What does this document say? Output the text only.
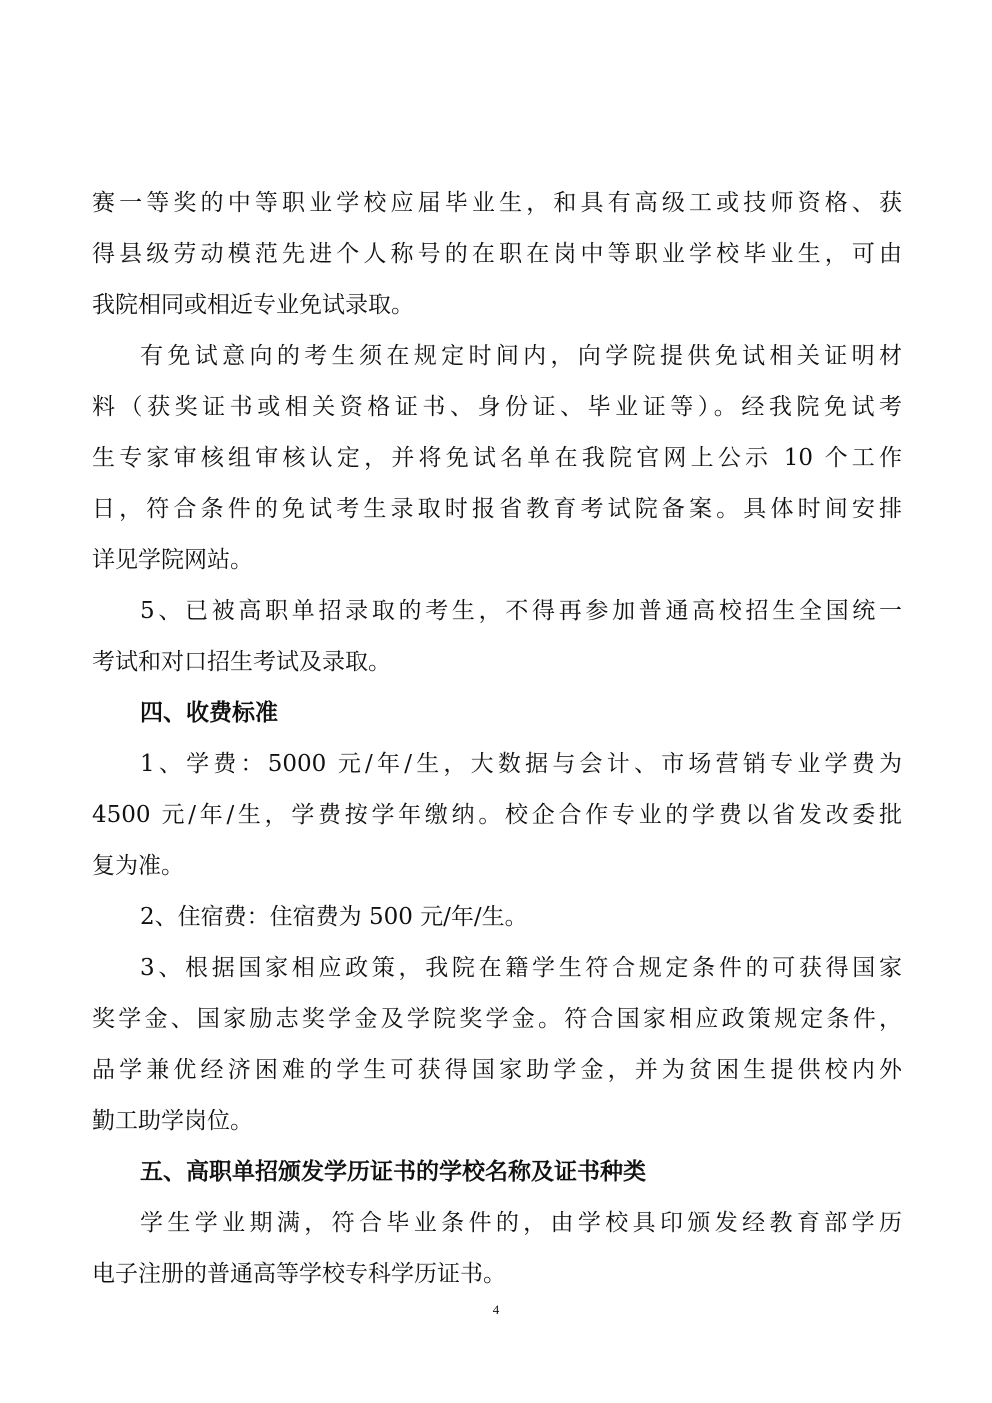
赛一等奖的中等职业学校应届毕业生，和具有高级工或技师资格、获
得县级劳动模范先进个人称号的在职在岗中等职业学校毕业生，可由
我院相同或相近专业免试录取。
有免试意向的考生须在规定时间内，向学院提供免试相关证明材
料（获奖证书或相关资格证书、身份证、毕业证等）。经我院免试考
生专家审核组审核认定，并将免试名单在我院官网上公示 10 个工作
日，符合条件的免试考生录取时报省教育考试院备案。具体时间安排
详见学院网站。
5、已被高职单招录取的考生，不得再参加普通高校招生全国统一
考试和对口招生考试及录取。
四、收费标准
1、学费：5000 元/年/生，大数据与会计、市场营销专业学费为
4500 元/年/生，学费按学年缴纳。校企合作专业的学费以省发改委批
复为准。
2、住宿费：住宿费为 500 元/年/生。
3、根据国家相应政策，我院在籍学生符合规定条件的可获得国家
奖学金、国家励志奖学金及学院奖学金。符合国家相应政策规定条件，
品学兼优经济困难的学生可获得国家助学金，并为贫困生提供校内外
勤工助学岗位。
五、高职单招颁发学历证书的学校名称及证书种类
学生学业期满，符合毕业条件的，由学校具印颁发经教育部学历
电子注册的普通高等学校专科学历证书。
4
